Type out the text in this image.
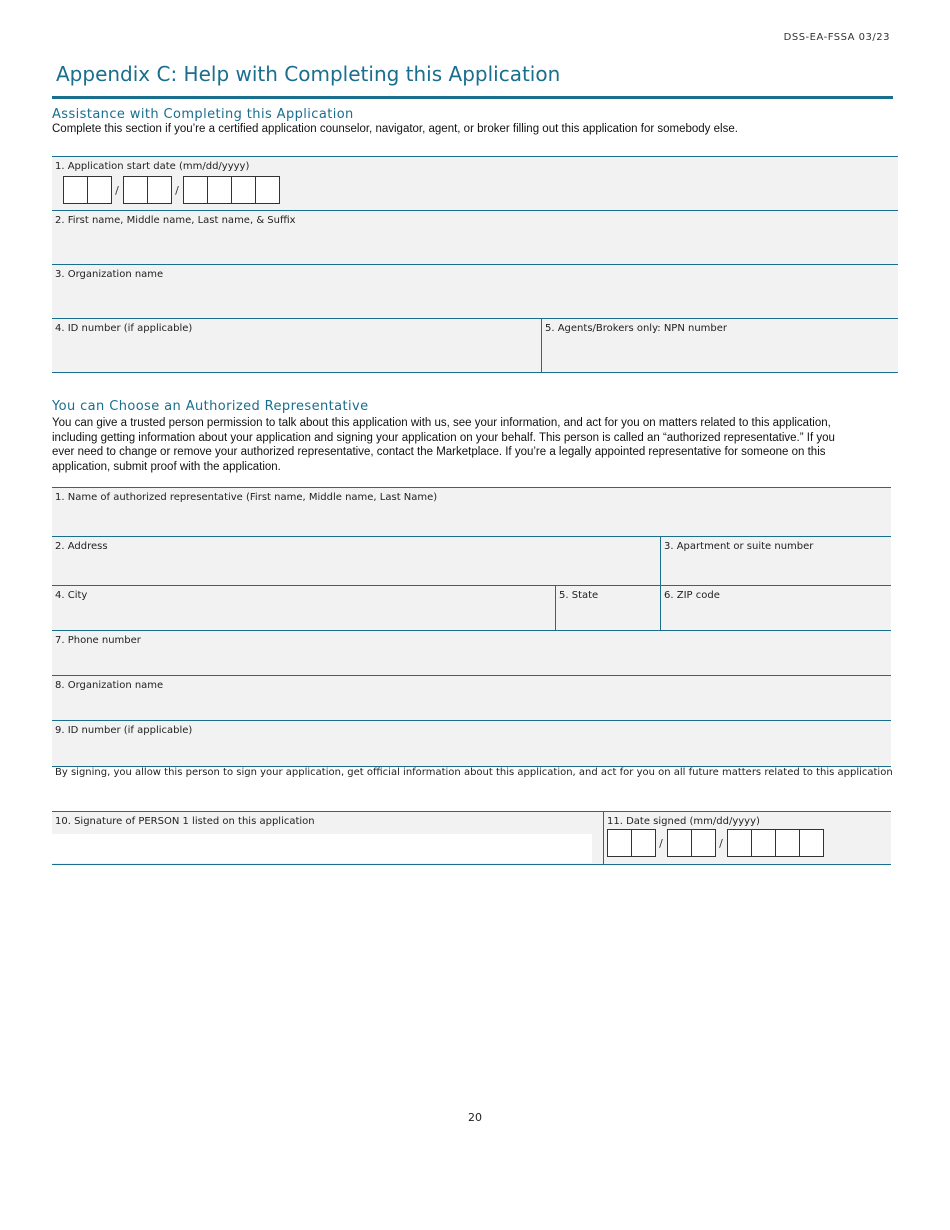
DSS-EA-FSSA 03/23
Appendix C: Help with Completing this Application
Assistance with Completing this Application
Complete this section if you’re a certified application counselor, navigator, agent, or broker filling out this application for somebody else.
1. Application start date (mm/dd/yyyy)
/	/
2. First name, Middle name, Last name, & Suffix
3. Organization name
4. ID number (if applicable)	5. Agents/Brokers only: NPN number
You can Choose an Authorized Representative
You can give a trusted person permission to talk about this application with us, see your information, and act for you on matters related to this application, including getting information about your application and signing your application on your behalf. This person is called an “authorized representative.” If you ever need to change or remove your authorized representative, contact the Marketplace. If you’re a legally appointed representative for someone on this application, submit proof with the application.
1. Name of authorized representative (First name, Middle name, Last Name)
2. Address	3. Apartment or suite number
4. City	5. State	6. ZIP code
7. Phone number
8. Organization name
9. ID number (if applicable)
By signing, you allow this person to sign your application, get official information about this application, and act for you on all future matters related to this application
10. Signature of PERSON 1 listed on this application	11. Date signed (mm/dd/yyyy)
/	/
20
